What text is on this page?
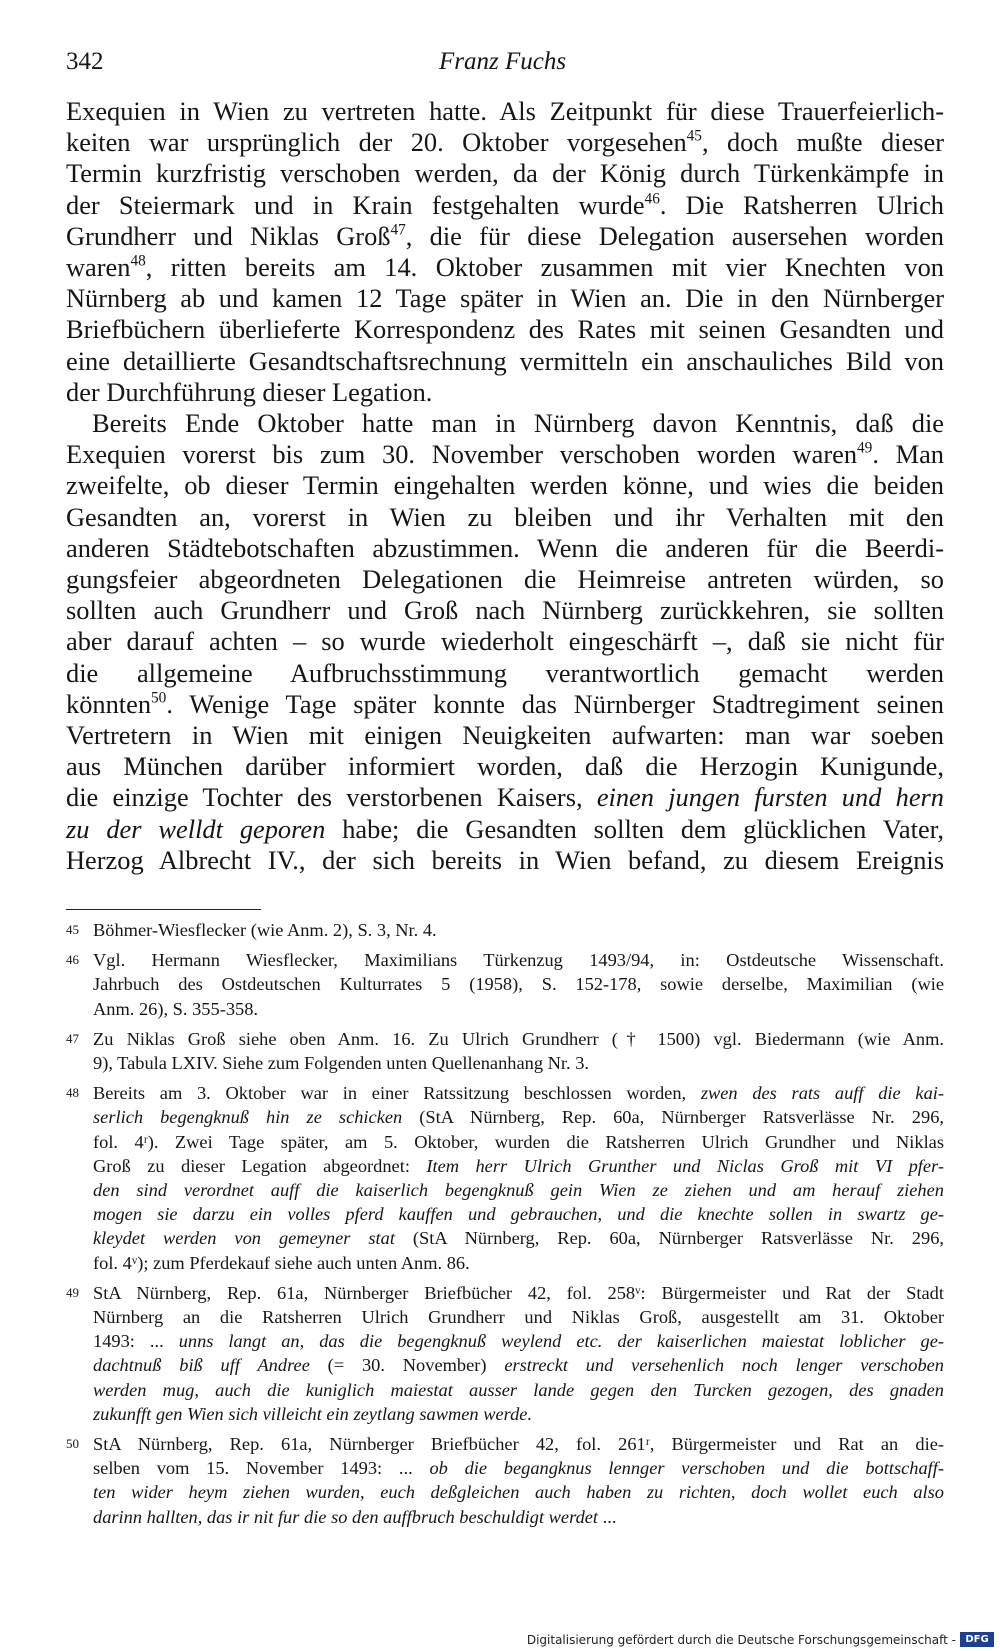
342	Franz Fuchs
Exequien in Wien zu vertreten hatte. Als Zeitpunkt für diese Trauerfeierlich-
keiten war ursprünglich der 20. Oktober vorgesehen$^{45}$, doch mußte dieser
Termin kurzfristig verschoben werden, da der König durch Türkenkämpfe in
der Steiermark und in Krain festgehalten wurde$^{46}$. Die Ratsherren Ulrich
Grundherr und Niklas Groß$^{47}$, die für diese Delegation ausersehen worden
waren$^{48}$, ritten bereits am 14. Oktober zusammen mit vier Knechten von
Nürnberg ab und kamen 12 Tage später in Wien an. Die in den Nürnberger
Briefbüchern überlieferte Korrespondenz des Rates mit seinen Gesandten und
eine detaillierte Gesandtschaftsrechnung vermitteln ein anschauliches Bild von
der Durchführung dieser Legation.
Bereits Ende Oktober hatte man in Nürnberg davon Kenntnis, daß die
Exequien vorerst bis zum 30. November verschoben worden waren$^{49}$. Man
zweifelte, ob dieser Termin eingehalten werden könne, und wies die beiden
Gesandten an, vorerst in Wien zu bleiben und ihr Verhalten mit den
anderen Städtebotschaften abzustimmen. Wenn die anderen für die Beerdi-
gungsfeier abgeordneten Delegationen die Heimreise antreten würden, so
sollten auch Grundherr und Groß nach Nürnberg zurückkehren, sie sollten
aber darauf achten – so wurde wiederholt eingeschärft –, daß sie nicht für
die allgemeine Aufbruchsstimmung verantwortlich gemacht werden
könnten$^{50}$. Wenige Tage später konnte das Nürnberger Stadtregiment seinen
Vertretern in Wien mit einigen Neuigkeiten aufwarten: man war soeben
aus München darüber informiert worden, daß die Herzogin Kunigunde,
die einzige Tochter des verstorbenen Kaisers, einen jungen fursten und hern
zu der welldt geporen habe; die Gesandten sollten dem glücklichen Vater,
Herzog Albrecht IV., der sich bereits in Wien befand, zu diesem Ereignis
45 Böhmer-Wiesflecker (wie Anm. 2), S. 3, Nr. 4.
46 Vgl. Hermann Wiesflecker, Maximilians Türkenzug 1493/94, in: Ostdeutsche Wissenschaft.
Jahrbuch des Ostdeutschen Kulturrates 5 (1958), S. 152-178, sowie derselbe, Maximilian (wie
Anm. 26), S. 355-358.
47 Zu Niklas Groß siehe oben Anm. 16. Zu Ulrich Grundherr († 1500) vgl. Biedermann (wie Anm.
9), Tabula LXIV. Siehe zum Folgenden unten Quellenanhang Nr. 3.
48 Bereits am 3. Oktober war in einer Ratssitzung beschlossen worden, zwen des rats auff die kai-
serlich begengknuß hin ze schicken (StA Nürnberg, Rep. 60a, Nürnberger Ratsverlässe Nr. 296,
fol. 4ʳ). Zwei Tage später, am 5. Oktober, wurden die Ratsherren Ulrich Grundher und Niklas
Groß zu dieser Legation abgeordnet: Item herr Ulrich Grunther und Niclas Groß mit VI pfer-
den sind verordnet auff die kaiserlich begengknuß gein Wien ze ziehen und am herauf ziehen
mogen sie darzu ein volles pferd kauffen und gebrauchen, und die knechte sollen in swartz ge-
kleydet werden von gemeyner stat (StA Nürnberg, Rep. 60a, Nürnberger Ratsverlässe Nr. 296,
fol. 4ᵛ); zum Pferdekauf siehe auch unten Anm. 86.
49 StA Nürnberg, Rep. 61a, Nürnberger Briefbücher 42, fol. 258ᵛ: Bürgermeister und Rat der Stadt
Nürnberg an die Ratsherren Ulrich Grundherr und Niklas Groß, ausgestellt am 31. Oktober
1493: ... unns langt an, das die begengknuß weylend etc. der kaiserlichen maiestat loblicher ge-
dachtnuß biß uff Andree (= 30. November) erstreckt und versehenlich noch lenger verschoben
werden mug, auch die kuniglich maiestat ausser lande gegen den Turcken gezogen, des gnaden
zukunfft gen Wien sich villeicht ein zeytlang sawmen werde.
50 StA Nürnberg, Rep. 61a, Nürnberger Briefbücher 42, fol. 261ʳ, Bürgermeister und Rat an die-
selben vom 15. November 1493: ... ob die begangknus lennger verschoben und die bottschaff-
ten wider heym ziehen wurden, euch deßgleichen auch haben zu richten, doch wollet euch also
darinn hallten, das ir nit fur die so den auffbruch beschuldigt werdet ...
Digitalisierung gefördert durch die Deutsche Forschungsgemeinschaft - DFG
